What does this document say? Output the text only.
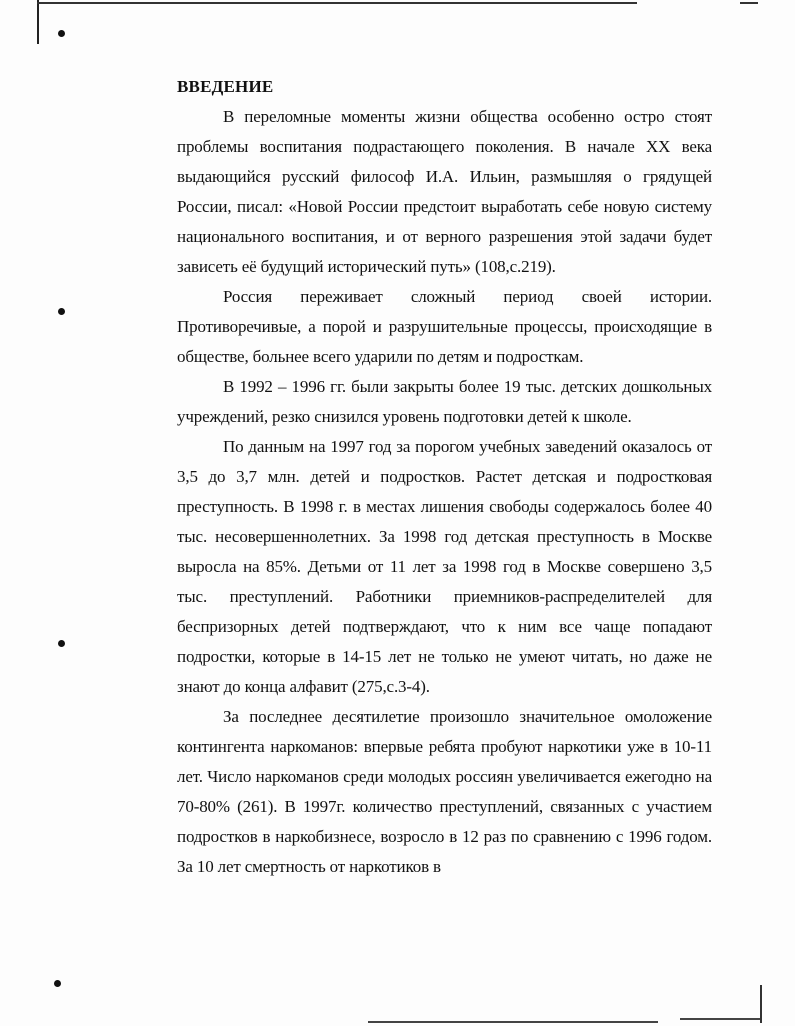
ВВЕДЕНИЕ

В переломные моменты жизни общества особенно остро стоят проблемы воспитания подрастающего поколения. В начале XX века выдающийся русский философ И.А. Ильин, размышляя о грядущей России, писал: «Новой России предстоит выработать себе новую систему национального воспитания, и от верного разрешения этой задачи будет зависеть её будущий исторический путь» (108,с.219).

Россия переживает сложный период своей истории. Противоречивые, а порой и разрушительные процессы, происходящие в обществе, больнее всего ударили по детям и подросткам.

В 1992 – 1996 гг. были закрыты более 19 тыс. детских дошкольных учреждений, резко снизился уровень подготовки детей к школе.

По данным на 1997 год за порогом учебных заведений оказалось от 3,5 до 3,7 млн. детей и подростков. Растет детская и подростковая преступность. В 1998 г. в местах лишения свободы содержалось более 40 тыс. несовершеннолетних. За 1998 год детская преступность в Москве выросла на 85%. Детьми от 11 лет за 1998 год в Москве совершено 3,5 тыс. преступлений. Работники приемников-распределителей для беспризорных детей подтверждают, что к ним все чаще попадают подростки, которые в 14-15 лет не только не умеют читать, но даже не знают до конца алфавит (275,с.3-4).

За последнее десятилетие произошло значительное омоложение контингента наркоманов: впервые ребята пробуют наркотики уже в 10-11 лет. Число наркоманов среди молодых россиян увеличивается ежегодно на 70-80% (261). В 1997г. количество преступлений, связанных с участием подростков в наркобизнесе, возросло в 12 раз по сравнению с 1996 годом. За 10 лет смертность от наркотиков в
